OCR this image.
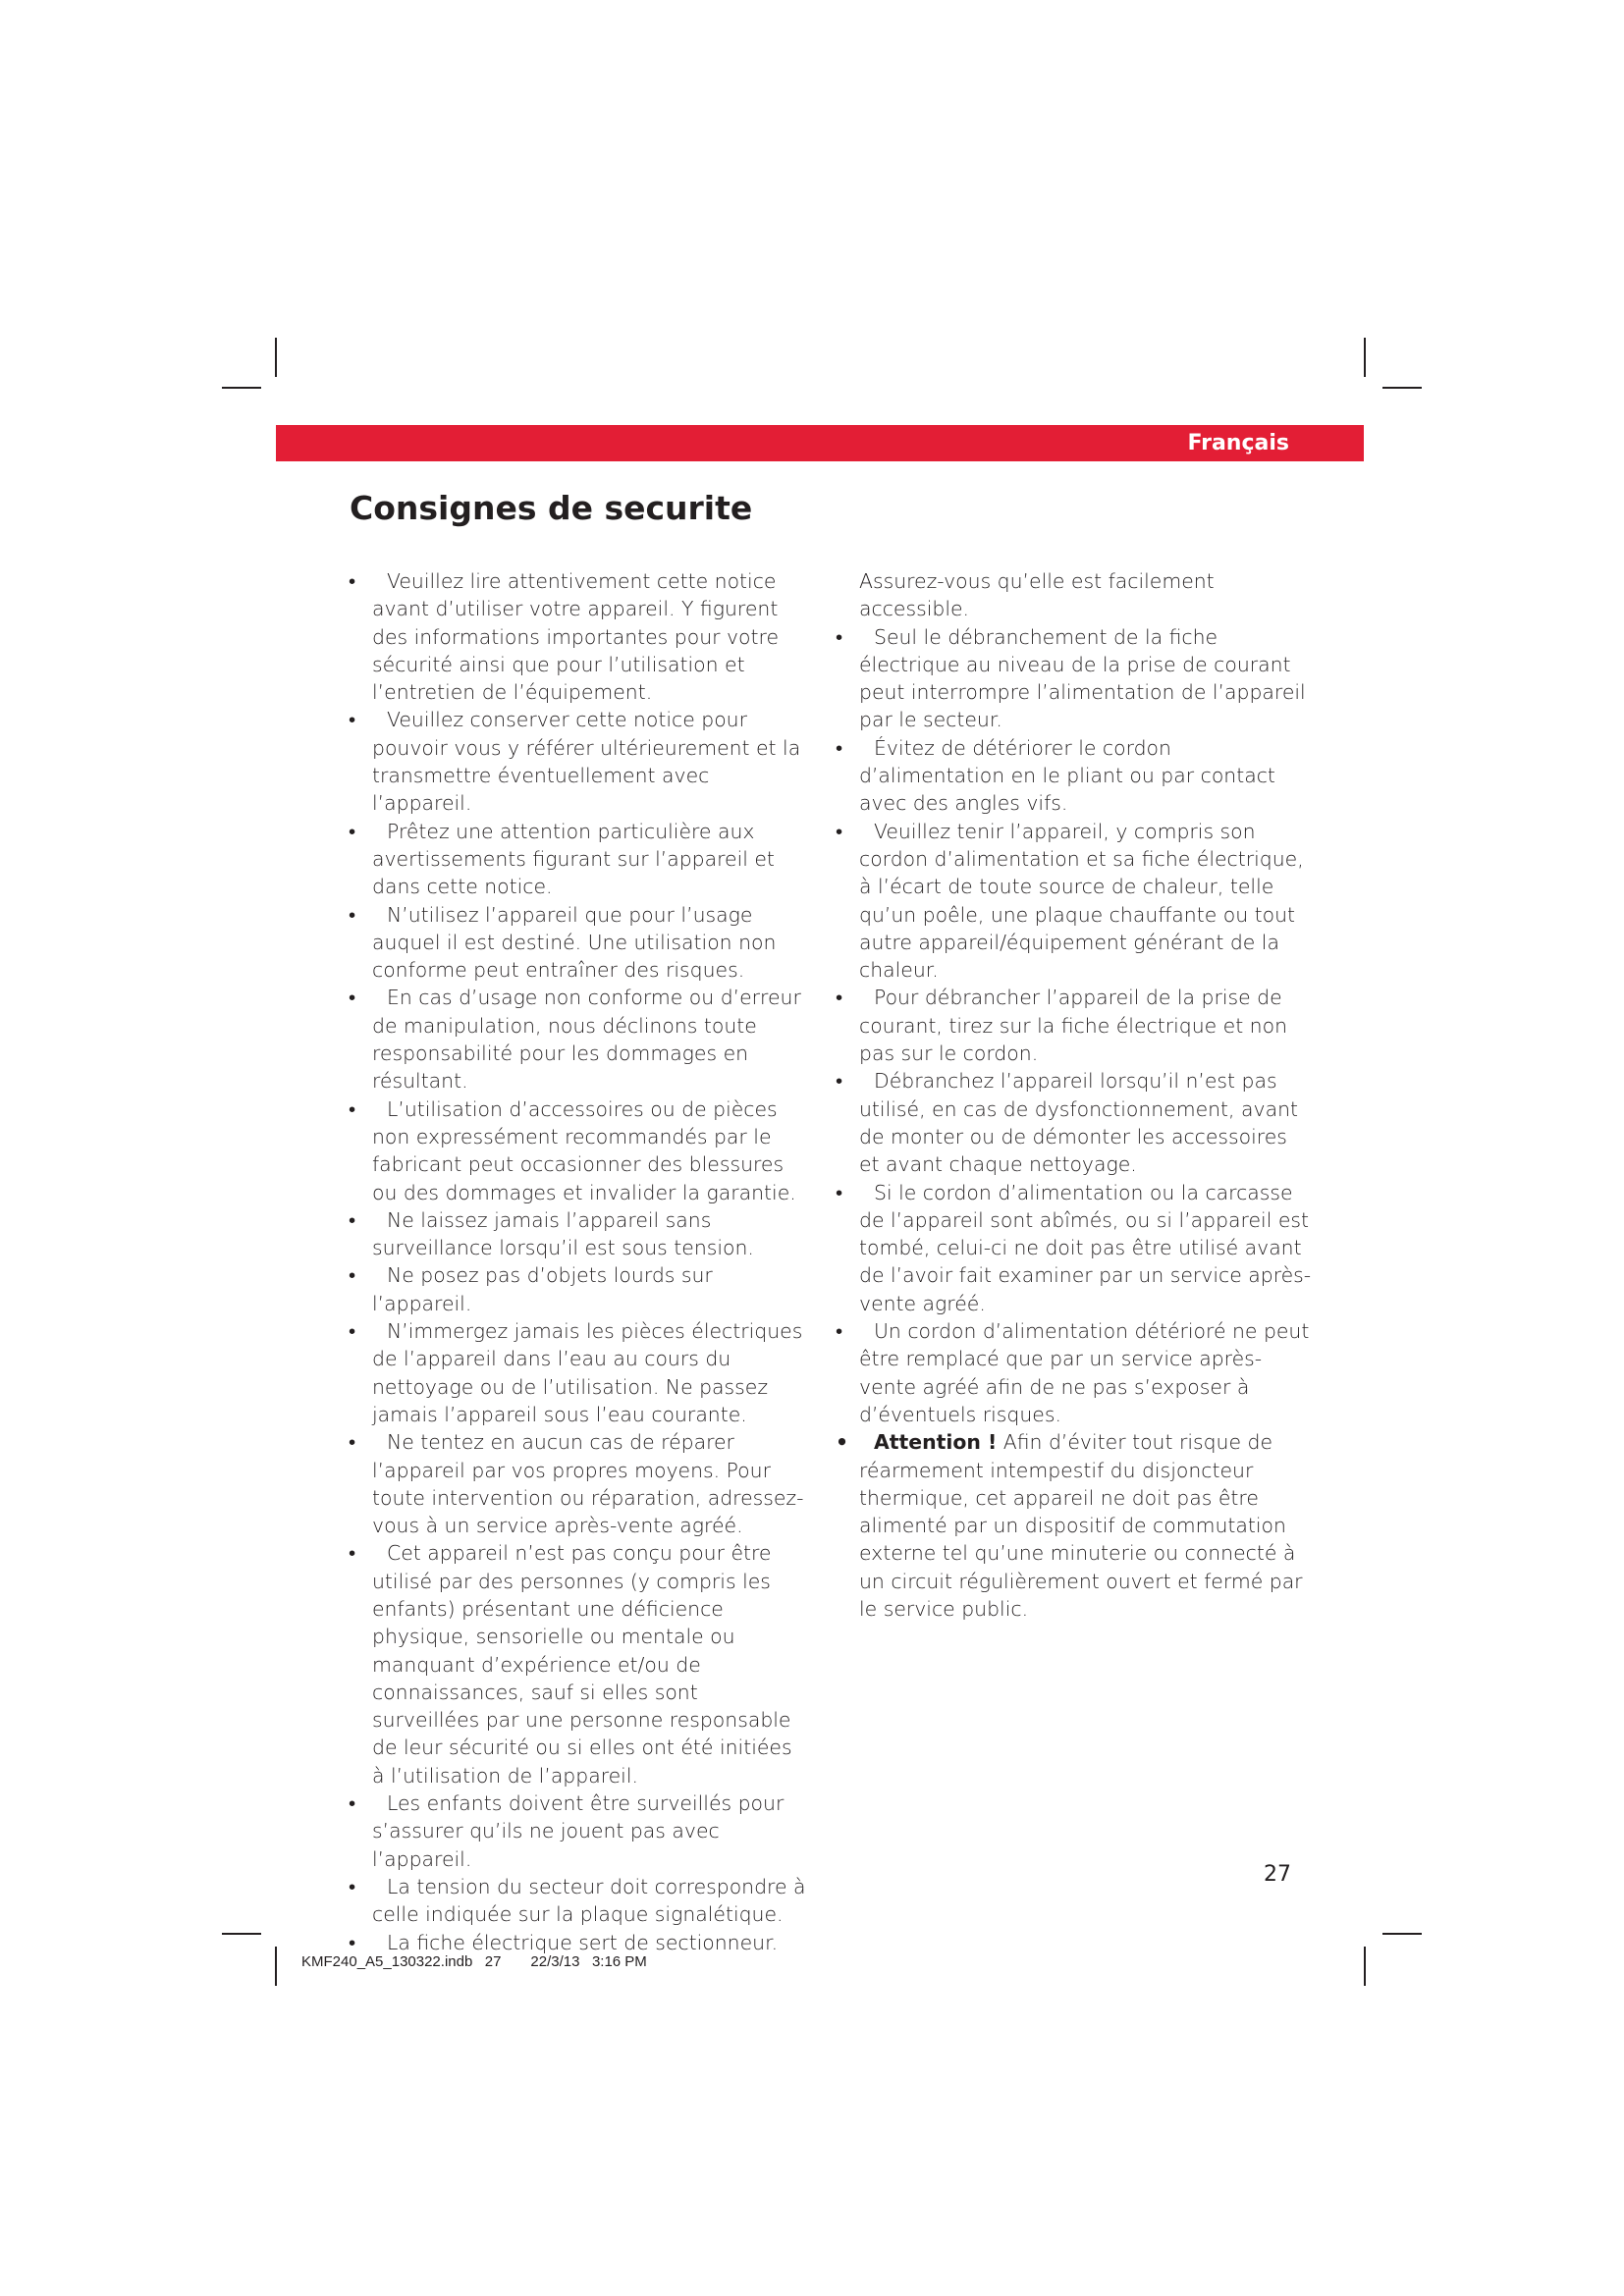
Français
Consignes de securite
• Veuillez lire attentivement cette notice avant d’utiliser votre appareil. Y figurent des informations importantes pour votre sécurité ainsi que pour l’utilisation et l’entretien de l’équipement.
• Veuillez conserver cette notice pour pouvoir vous y référer ultérieurement et la transmettre éventuellement avec l’appareil.
• Prêtez une attention particulière aux avertissements figurant sur l’appareil et dans cette notice.
• N’utilisez l’appareil que pour l’usage auquel il est destiné. Une utilisation non conforme peut entraîner des risques.
• En cas d’usage non conforme ou d’erreur de manipulation, nous déclinons toute responsabilité pour les dommages en résultant.
• L’utilisation d’accessoires ou de pièces non expressément recommandés par le fabricant peut occasionner des blessures ou des dommages et invalider la garantie.
• Ne laissez jamais l’appareil sans surveillance lorsqu’il est sous tension.
• Ne posez pas d’objets lourds sur l’appareil.
• N’immergez jamais les pièces électriques de l’appareil dans l’eau au cours du nettoyage ou de l’utilisation. Ne passez jamais l’appareil sous l’eau courante.
• Ne tentez en aucun cas de réparer l’appareil par vos propres moyens. Pour toute intervention ou réparation, adressez-vous à un service après-vente agréé.
• Cet appareil n’est pas conçu pour être utilisé par des personnes (y compris les enfants) présentant une déficience physique, sensorielle ou mentale ou manquant d’expérience et/ou de connaissances, sauf si elles sont surveillées par une personne responsable de leur sécurité ou si elles ont été initiées à l’utilisation de l’appareil.
• Les enfants doivent être surveillés pour s’assurer qu’ils ne jouent pas avec l’appareil.
• La tension du secteur doit correspondre à celle indiquée sur la plaque signalétique.
• La fiche électrique sert de sectionneur.
Assurez-vous qu’elle est facilement accessible.
• Seul le débranchement de la fiche électrique au niveau de la prise de courant peut interrompre l’alimentation de l’appareil par le secteur.
• Évitez de détériorer le cordon d’alimentation en le pliant ou par contact avec des angles vifs.
• Veuillez tenir l’appareil, y compris son cordon d’alimentation et sa fiche électrique, à l’écart de toute source de chaleur, telle qu’un poêle, une plaque chauffante ou tout autre appareil/équipement générant de la chaleur.
• Pour débrancher l’appareil de la prise de courant, tirez sur la fiche électrique et non pas sur le cordon.
• Débranchez l’appareil lorsqu’il n’est pas utilisé, en cas de dysfonctionnement, avant de monter ou de démonter les accessoires et avant chaque nettoyage.
• Si le cordon d’alimentation ou la carcasse de l’appareil sont abîmés, ou si l’appareil est tombé, celui-ci ne doit pas être utilisé avant de l’avoir fait examiner par un service après-vente agréé.
• Un cordon d’alimentation détérioré ne peut être remplacé que par un service après-vente agréé afin de ne pas s’exposer à d’éventuels risques.
• Attention ! Afin d’éviter tout risque de réarmement intempestif du disjoncteur thermique, cet appareil ne doit pas être alimenté par un dispositif de commutation externe tel qu’une minuterie ou connecté à un circuit régulièrement ouvert et fermé par le service public.
27
KMF240_A5_130322.indb   27	22/3/13   3:16 PM
